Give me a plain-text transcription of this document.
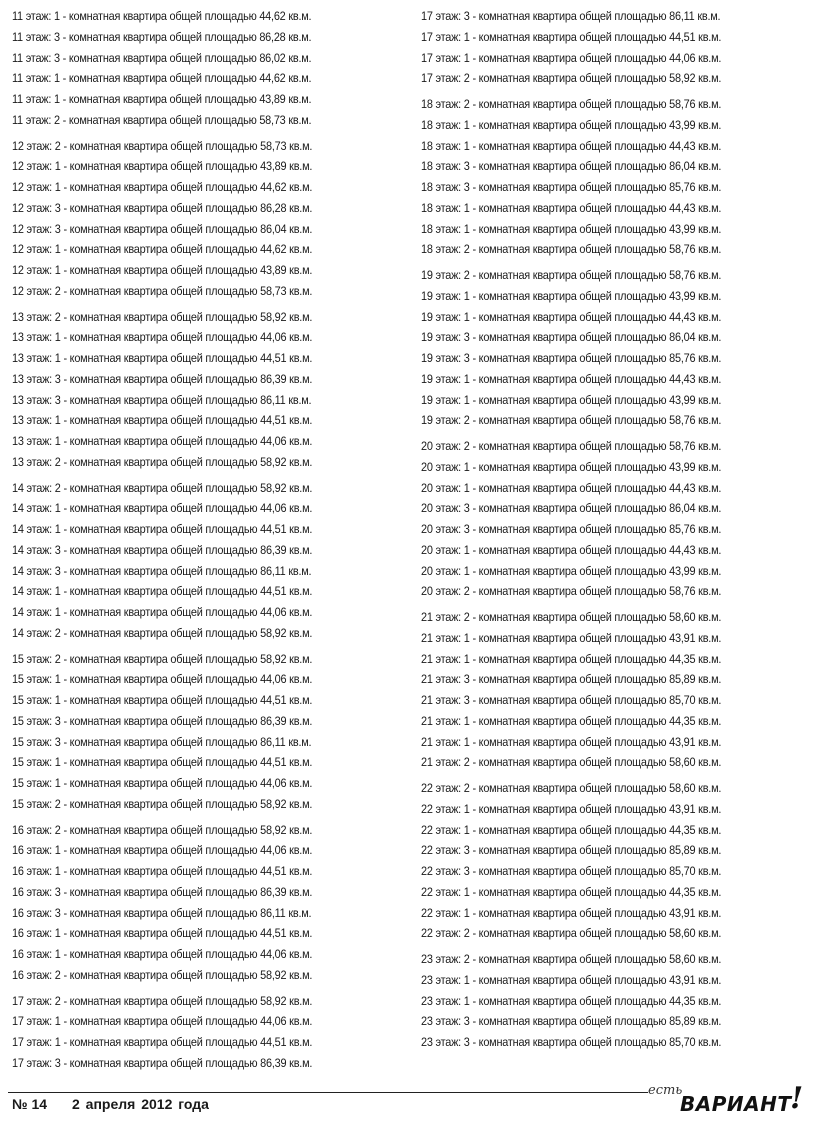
11 этаж: 1 - комнатная квартира общей площадью 44,62 кв.м.
11 этаж: 3 - комнатная квартира общей площадью 86,28 кв.м.
11 этаж: 3 - комнатная квартира общей площадью 86,02 кв.м.
11 этаж: 1 - комнатная квартира общей площадью 44,62 кв.м.
11 этаж: 1 - комнатная квартира общей площадью 43,89 кв.м.
11 этаж: 2 - комнатная квартира общей площадью 58,73 кв.м.
12 этаж: 2 - комнатная квартира общей площадью 58,73 кв.м.
12 этаж: 1 - комнатная квартира общей площадью 43,89 кв.м.
12 этаж: 1 - комнатная квартира общей площадью 44,62 кв.м.
12 этаж: 3 - комнатная квартира общей площадью 86,28 кв.м.
12 этаж: 3 - комнатная квартира общей площадью 86,04 кв.м.
12 этаж: 1 - комнатная квартира общей площадью 44,62 кв.м.
12 этаж: 1 - комнатная квартира общей площадью 43,89 кв.м.
12 этаж: 2 - комнатная квартира общей площадью 58,73 кв.м.
13 этаж: 2 - комнатная квартира общей площадью 58,92 кв.м.
13 этаж: 1 - комнатная квартира общей площадью 44,06 кв.м.
13 этаж: 1 - комнатная квартира общей площадью 44,51 кв.м.
13 этаж: 3 - комнатная квартира общей площадью 86,39 кв.м.
13 этаж: 3 - комнатная квартира общей площадью 86,11 кв.м.
13 этаж: 1 - комнатная квартира общей площадью 44,51 кв.м.
13 этаж: 1 - комнатная квартира общей площадью 44,06 кв.м.
13 этаж: 2 - комнатная квартира общей площадью 58,92 кв.м.
14 этаж: 2 - комнатная квартира общей площадью 58,92 кв.м.
14 этаж: 1 - комнатная квартира общей площадью 44,06 кв.м.
14 этаж: 1 - комнатная квартира общей площадью 44,51 кв.м.
14 этаж: 3 - комнатная квартира общей площадью 86,39 кв.м.
14 этаж: 3 - комнатная квартира общей площадью 86,11 кв.м.
14 этаж: 1 - комнатная квартира общей площадью 44,51 кв.м.
14 этаж: 1 - комнатная квартира общей площадью 44,06 кв.м.
14 этаж: 2 - комнатная квартира общей площадью 58,92 кв.м.
15 этаж: 2 - комнатная квартира общей площадью 58,92 кв.м.
15 этаж: 1 - комнатная квартира общей площадью 44,06 кв.м.
15 этаж: 1 - комнатная квартира общей площадью 44,51 кв.м.
15 этаж: 3 - комнатная квартира общей площадью 86,39 кв.м.
15 этаж: 3 - комнатная квартира общей площадью 86,11 кв.м.
15 этаж: 1 - комнатная квартира общей площадью 44,51 кв.м.
15 этаж: 1 - комнатная квартира общей площадью 44,06 кв.м.
15 этаж: 2 - комнатная квартира общей площадью 58,92 кв.м.
16 этаж: 2 - комнатная квартира общей площадью 58,92 кв.м.
16 этаж: 1 - комнатная квартира общей площадью 44,06 кв.м.
16 этаж: 1 - комнатная квартира общей площадью 44,51 кв.м.
16 этаж: 3 - комнатная квартира общей площадью 86,39 кв.м.
16 этаж: 3 - комнатная квартира общей площадью 86,11 кв.м.
16 этаж: 1 - комнатная квартира общей площадью 44,51 кв.м.
16 этаж: 1 - комнатная квартира общей площадью 44,06 кв.м.
16 этаж: 2 - комнатная квартира общей площадью 58,92 кв.м.
17 этаж: 2 - комнатная квартира общей площадью 58,92 кв.м.
17 этаж: 1 - комнатная квартира общей площадью 44,06 кв.м.
17 этаж: 1 - комнатная квартира общей площадью 44,51 кв.м.
17 этаж: 3 - комнатная квартира общей площадью 86,39 кв.м.
17 этаж: 3 - комнатная квартира общей площадью 86,11 кв.м.
17 этаж: 1 - комнатная квартира общей площадью 44,51 кв.м.
17 этаж: 1 - комнатная квартира общей площадью 44,06 кв.м.
17 этаж: 2 - комнатная квартира общей площадью 58,92 кв.м.
18 этаж: 2 - комнатная квартира общей площадью 58,76 кв.м.
18 этаж: 1 - комнатная квартира общей площадью 43,99 кв.м.
18 этаж: 1 - комнатная квартира общей площадью 44,43 кв.м.
18 этаж: 3 - комнатная квартира общей площадью 86,04 кв.м.
18 этаж: 3 - комнатная квартира общей площадью 85,76 кв.м.
18 этаж: 1 - комнатная квартира общей площадью 44,43 кв.м.
18 этаж: 1 - комнатная квартира общей площадью 43,99 кв.м.
18 этаж: 2 - комнатная квартира общей площадью 58,76 кв.м.
19 этаж: 2 - комнатная квартира общей площадью 58,76 кв.м.
19 этаж: 1 - комнатная квартира общей площадью 43,99 кв.м.
19 этаж: 1 - комнатная квартира общей площадью 44,43 кв.м.
19 этаж: 3 - комнатная квартира общей площадью 86,04 кв.м.
19 этаж: 3 - комнатная квартира общей площадью 85,76 кв.м.
19 этаж: 1 - комнатная квартира общей площадью 44,43 кв.м.
19 этаж: 1 - комнатная квартира общей площадью 43,99 кв.м.
19 этаж: 2 - комнатная квартира общей площадью 58,76 кв.м.
20 этаж: 2 - комнатная квартира общей площадью 58,76 кв.м.
20 этаж: 1 - комнатная квартира общей площадью 43,99 кв.м.
20 этаж: 1 - комнатная квартира общей площадью 44,43 кв.м.
20 этаж: 3 - комнатная квартира общей площадью 86,04 кв.м.
20 этаж: 3 - комнатная квартира общей площадью 85,76 кв.м.
20 этаж: 1 - комнатная квартира общей площадью 44,43 кв.м.
20 этаж: 1 - комнатная квартира общей площадью 43,99 кв.м.
20 этаж: 2 - комнатная квартира общей площадью 58,76 кв.м.
21 этаж: 2 - комнатная квартира общей площадью 58,60 кв.м.
21 этаж: 1 - комнатная квартира общей площадью 43,91 кв.м.
21 этаж: 1 - комнатная квартира общей площадью 44,35 кв.м.
21 этаж: 3 - комнатная квартира общей площадью 85,89 кв.м.
21 этаж: 3 - комнатная квартира общей площадью 85,70 кв.м.
21 этаж: 1 - комнатная квартира общей площадью 44,35 кв.м.
21 этаж: 1 - комнатная квартира общей площадью 43,91 кв.м.
21 этаж: 2 - комнатная квартира общей площадью 58,60 кв.м.
22 этаж: 2 - комнатная квартира общей площадью 58,60 кв.м.
22 этаж: 1 - комнатная квартира общей площадью 43,91 кв.м.
22 этаж: 1 - комнатная квартира общей площадью 44,35 кв.м.
22 этаж: 3 - комнатная квартира общей площадью 85,89 кв.м.
22 этаж: 3 - комнатная квартира общей площадью 85,70 кв.м.
22 этаж: 1 - комнатная квартира общей площадью 44,35 кв.м.
22 этаж: 1 - комнатная квартира общей площадью 43,91 кв.м.
22 этаж: 2 - комнатная квартира общей площадью 58,60 кв.м.
23 этаж: 2 - комнатная квартира общей площадью 58,60 кв.м.
23 этаж: 1 - комнатная квартира общей площадью 43,91 кв.м.
23 этаж: 1 - комнатная квартира общей площадью 44,35 кв.м.
23 этаж: 3 - комнатная квартира общей площадью 85,89 кв.м.
23 этаж: 3 - комнатная квартира общей площадью 85,70 кв.м.
№ 14 2 апреля 2012 года
есть
ВАРИАНТ
!
